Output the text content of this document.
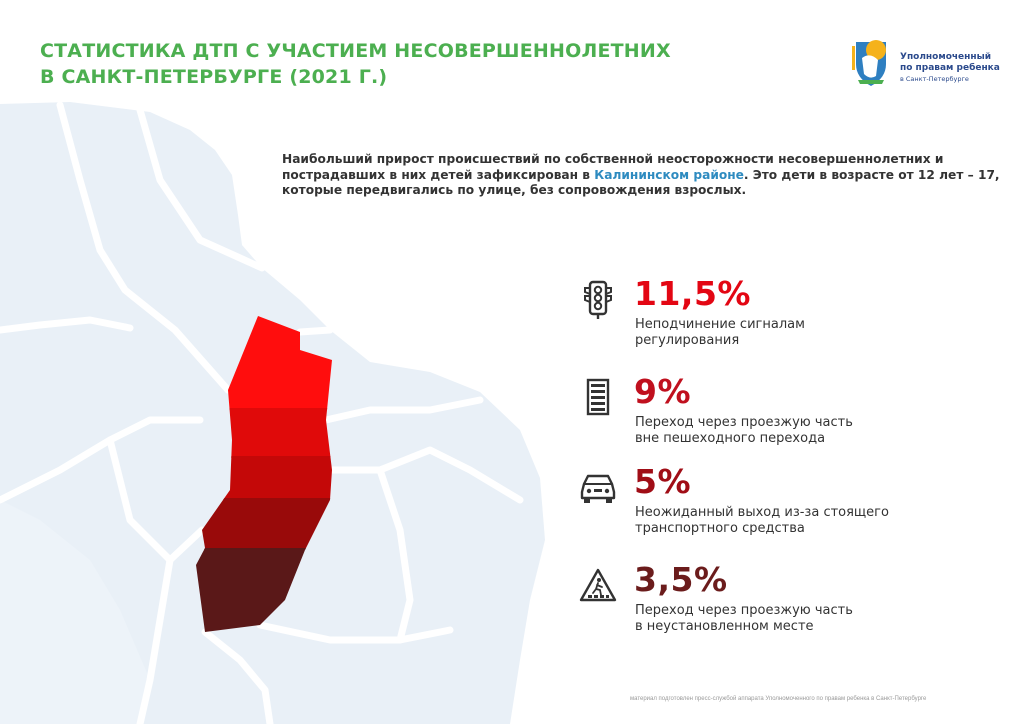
СТАТИСТИКА ДТП С УЧАСТИЕМ НЕСОВЕРШЕННОЛЕТНИХ
В САНКТ-ПЕТЕРБУРГЕ (2021 Г.)
Уполномоченный
по правам ребенка
в Санкт-Петербурге

Наибольший прирост происшествий по собственной неосторожности несовершеннолетних и пострадавших в них детей зафиксирован в Калининском районе. Это дети в возрасте от 12 лет – 17, которые передвигались по улице, без сопровождения взрослых.

11,5%
Неподчинение сигналам
регулирования
9%
Переход через проезжую часть
вне пешеходного перехода
5%
Неожиданный выход из-за стоящего
транспортного средства
3,5%
Переход через проезжую часть
в неустановленном месте
материал подготовлен пресс-службой аппарата Уполномоченного по правам ребенка в Санкт-Петербурге
